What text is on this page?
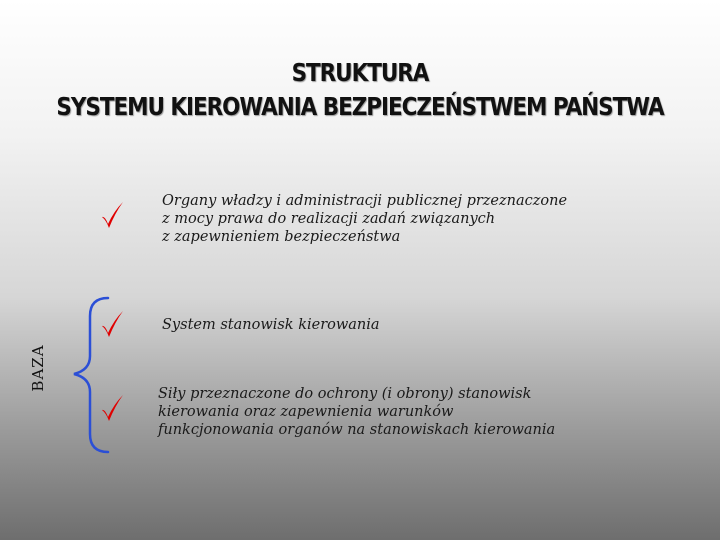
STRUKTURA
SYSTEMU KIEROWANIA BEZPIECZEŃSTWEM PAŃSTWA
Organy władzy i administracji publicznej przeznaczone
z mocy prawa do realizacji zadań związanych
z zapewnieniem bezpieczeństwa
System stanowisk kierowania
Siły przeznaczone do ochrony (i obrony) stanowisk
kierowania oraz zapewnienia warunków
funkcjonowania organów na stanowiskach kierowania
BAZA
